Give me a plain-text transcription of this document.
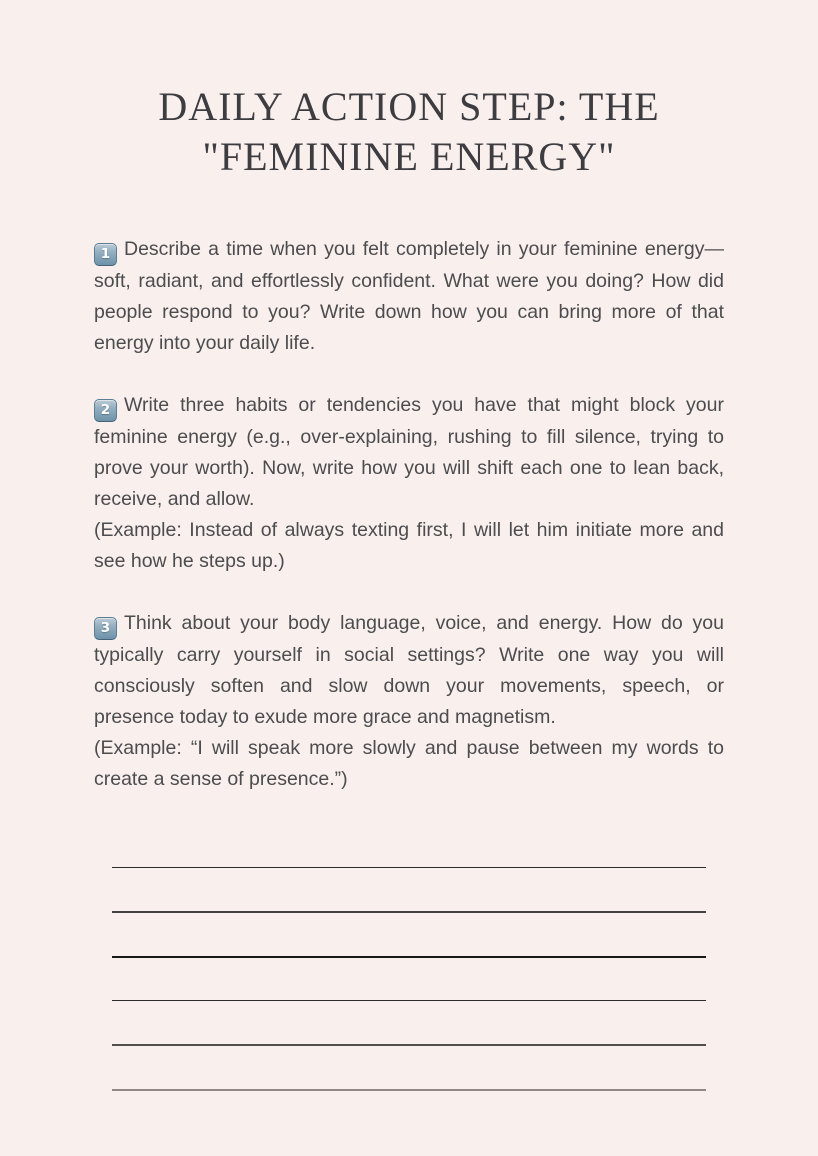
DAILY ACTION STEP: THE
"FEMININE ENERGY"

1 Describe a time when you felt completely in your feminine energy—soft, radiant, and effortlessly confident. What were you doing? How did people respond to you? Write down how you can bring more of that energy into your daily life.

2 Write three habits or tendencies you have that might block your feminine energy (e.g., over-explaining, rushing to fill silence, trying to prove your worth). Now, write how you will shift each one to lean back, receive, and allow.

(Example: Instead of always texting first, I will let him initiate more and see how he steps up.)

3 Think about your body language, voice, and energy. How do you typically carry yourself in social settings? Write one way you will consciously soften and slow down your movements, speech, or presence today to exude more grace and magnetism.

(Example: “I will speak more slowly and pause between my words to create a sense of presence.”)
